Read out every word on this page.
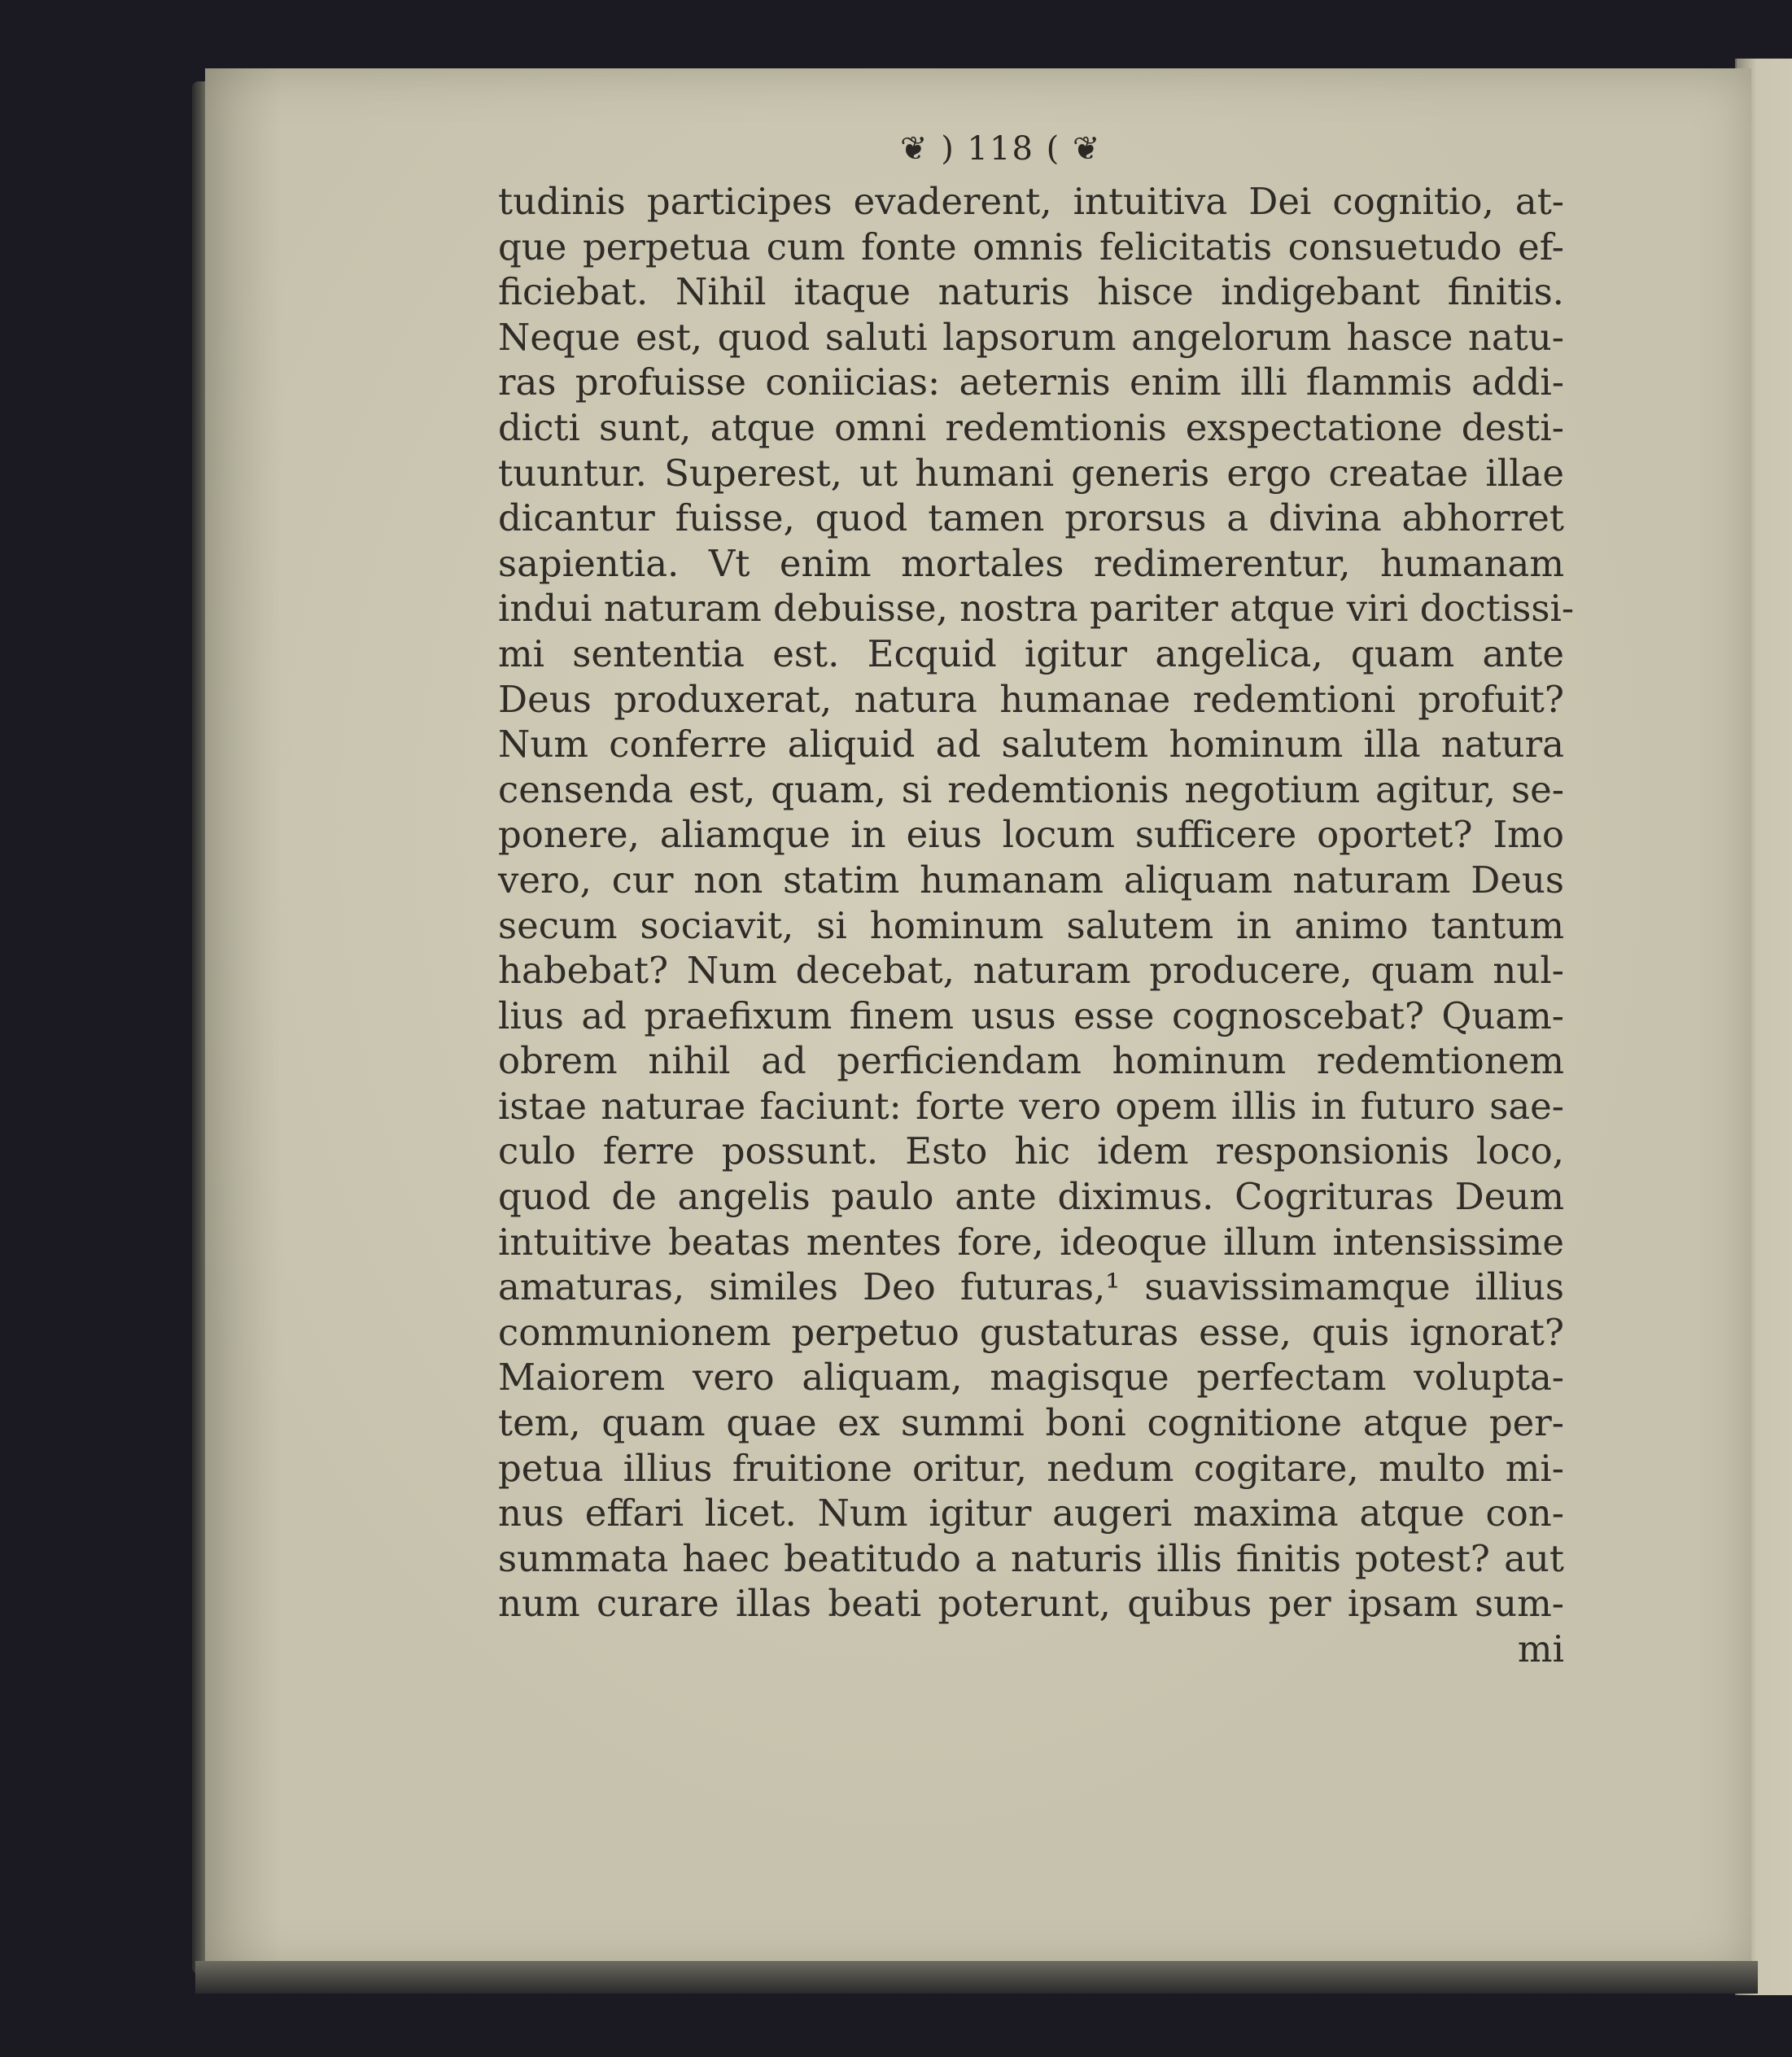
❦ ) 118 ( ❦
tudinis participes evaderent, intuitiva Dei cognitio, at-
que perpetua cum fonte omnis felicitatis consuetudo ef-
ficiebat. Nihil itaque naturis hisce indigebant finitis.
Neque est, quod saluti lapsorum angelorum hasce natu-
ras profuisse coniicias: aeternis enim illi flammis addi-
dicti sunt, atque omni redemtionis exspectatione desti-
tuuntur. Superest, ut humani generis ergo creatae illae
dicantur fuisse, quod tamen prorsus a divina abhorret
sapientia. Vt enim mortales redimerentur, humanam
indui naturam debuisse, nostra pariter atque viri doctissi-
mi sententia est. Ecquid igitur angelica, quam ante
Deus produxerat, natura humanae redemtioni profuit?
Num conferre aliquid ad salutem hominum illa natura
censenda est, quam, si redemtionis negotium agitur, se-
ponere, aliamque in eius locum sufficere oportet? Imo
vero, cur non statim humanam aliquam naturam Deus
secum sociavit, si hominum salutem in animo tantum
habebat? Num decebat, naturam producere, quam nul-
lius ad praefixum finem usus esse cognoscebat? Quam-
obrem nihil ad perficiendam hominum redemtionem
istae naturae faciunt: forte vero opem illis in futuro sae-
culo ferre possunt. Esto hic idem responsionis loco,
quod de angelis paulo ante diximus. Cogrituras Deum
intuitive beatas mentes fore, ideoque illum intensissime
amaturas, similes Deo futuras,¹ suavissimamque illius
communionem perpetuo gustaturas esse, quis ignorat?
Maiorem vero aliquam, magisque perfectam volupta-
tem, quam quae ex summi boni cognitione atque per-
petua illius fruitione oritur, nedum cogitare, multo mi-
nus effari licet. Num igitur augeri maxima atque con-
summata haec beatitudo a naturis illis finitis potest? aut
num curare illas beati poterunt, quibus per ipsam sum-
mi
